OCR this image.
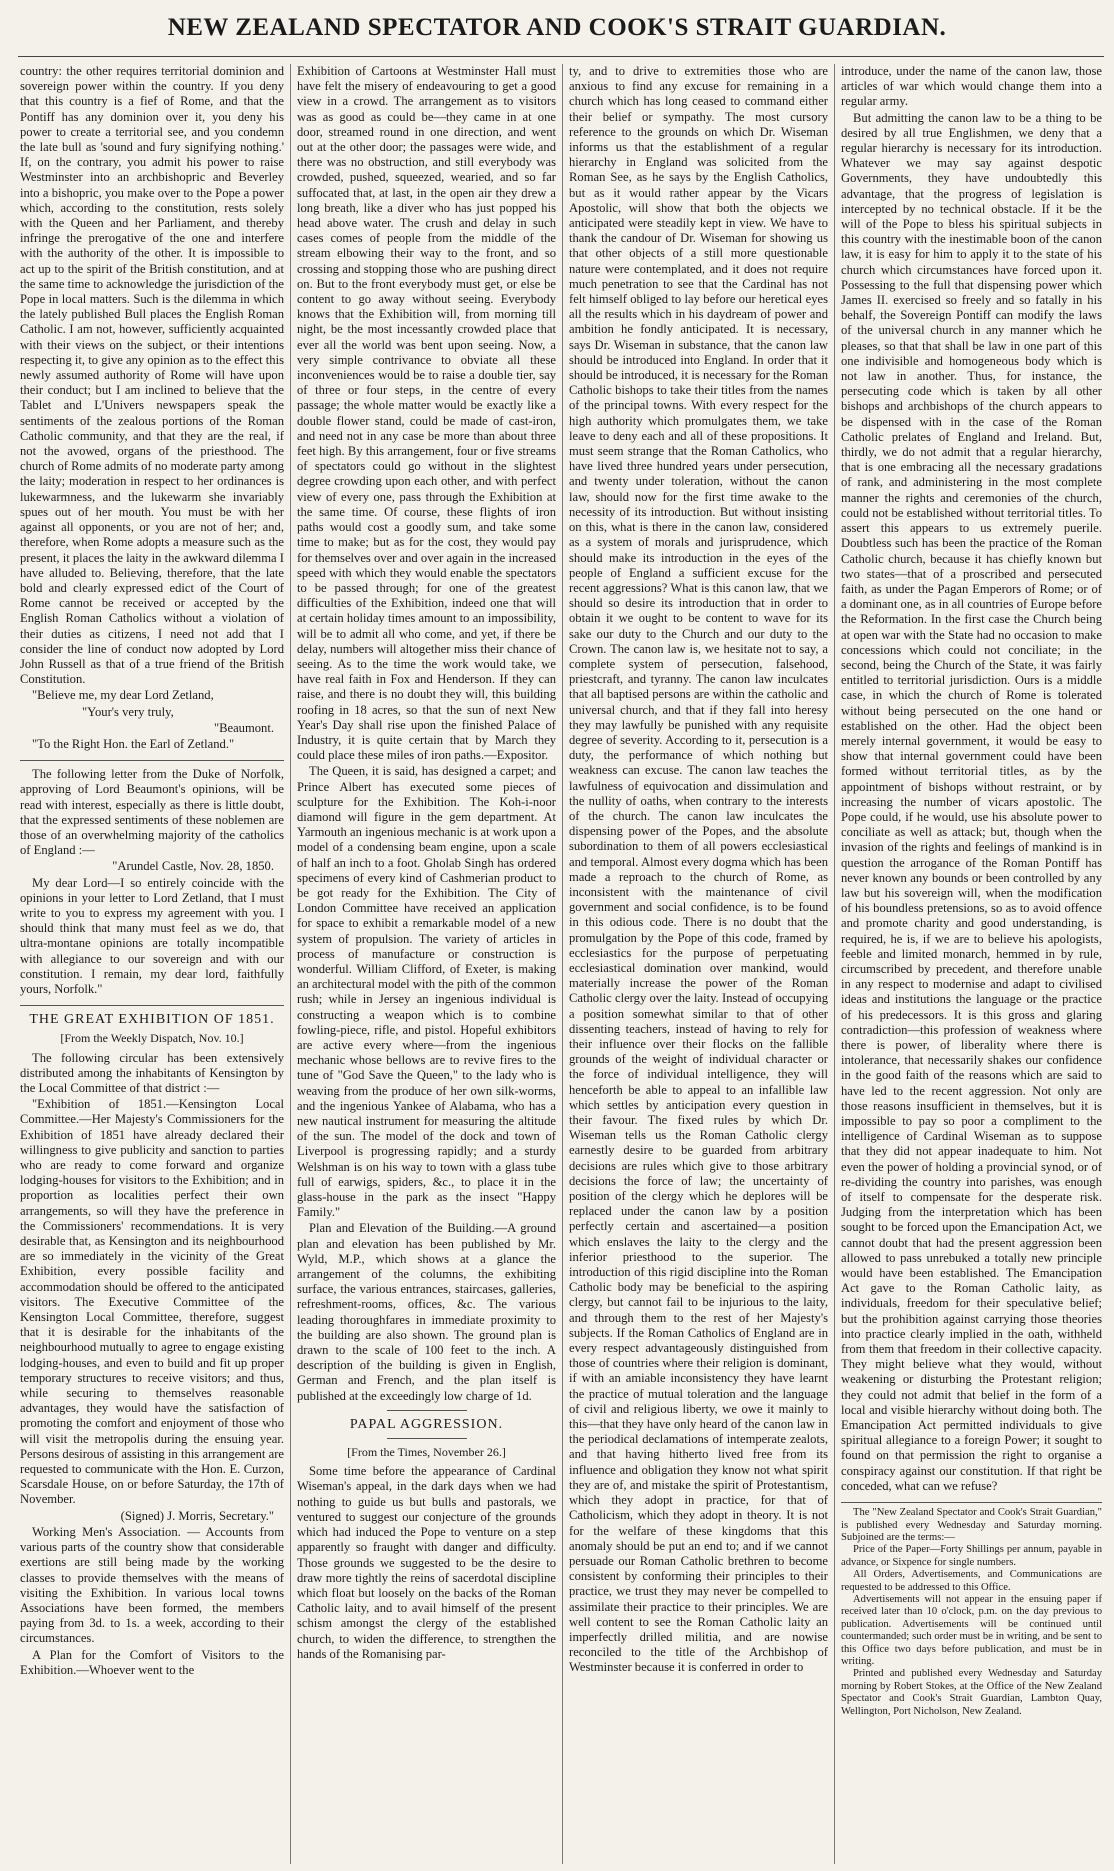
NEW ZEALAND SPECTATOR AND COOK'S STRAIT GUARDIAN.

country: the other requires territorial dominion and sovereign power within the country. If you deny that this country is a fief of Rome, and that the Pontiff has any dominion over it, you deny his power to create a territorial see, and you condemn the late bull as 'sound and fury signifying nothing.' If, on the contrary, you admit his power to raise Westminster into an archbishopric and Beverley into a bishopric, you make over to the Pope a power which, according to the constitution, rests solely with the Queen and her Parliament, and thereby infringe the prerogative of the one and interfere with the authority of the other. It is impossible to act up to the spirit of the British constitution, and at the same time to acknowledge the jurisdiction of the Pope in local matters. Such is the dilemma in which the lately published Bull places the English Roman Catholic. I am not, however, sufficiently acquainted with their views on the subject, or their intentions respecting it, to give any opinion as to the effect this newly assumed authority of Rome will have upon their conduct; but I am inclined to believe that the Tablet and L'Univers newspapers speak the sentiments of the zealous portions of the Roman Catholic community, and that they are the real, if not the avowed, organs of the priesthood. The church of Rome admits of no moderate party among the laity; moderation in respect to her ordinances is lukewarmness, and the lukewarm she invariably spues out of her mouth. You must be with her against all opponents, or you are not of her; and, therefore, when Rome adopts a measure such as the present, it places the laity in the awkward dilemma I have alluded to. Believing, therefore, that the late bold and clearly expressed edict of the Court of Rome cannot be received or accepted by the English Roman Catholics without a violation of their duties as citizens, I need not add that I consider the line of conduct now adopted by Lord John Russell as that of a true friend of the British Constitution.

"Believe me, my dear Lord Zetland,

"Your's very truly,

"Beaumont.

"To the Right Hon. the Earl of Zetland."

The following letter from the Duke of Norfolk, approving of Lord Beaumont's opinions, will be read with interest, especially as there is little doubt, that the expressed sentiments of these noblemen are those of an overwhelming majority of the catholics of England :—

"Arundel Castle, Nov. 28, 1850.

My dear Lord—I so entirely coincide with the opinions in your letter to Lord Zetland, that I must write to you to express my agreement with you. I should think that many must feel as we do, that ultra-montane opinions are totally incompatible with allegiance to our sovereign and with our constitution. I remain, my dear lord, faithfully yours, Norfolk."

THE GREAT EXHIBITION OF 1851.
[From the Weekly Dispatch, Nov. 10.]

The following circular has been extensively distributed among the inhabitants of Kensington by the Local Committee of that district :—

"Exhibition of 1851.—Kensington Local Committee.—Her Majesty's Commissioners for the Exhibition of 1851 have already declared their willingness to give publicity and sanction to parties who are ready to come forward and organize lodging-houses for visitors to the Exhibition; and in proportion as localities perfect their own arrangements, so will they have the preference in the Commissioners' recommendations. It is very desirable that, as Kensington and its neighbourhood are so immediately in the vicinity of the Great Exhibition, every possible facility and accommodation should be offered to the anticipated visitors. The Executive Committee of the Kensington Local Committee, therefore, suggest that it is desirable for the inhabitants of the neighbourhood mutually to agree to engage existing lodging-houses, and even to build and fit up proper temporary structures to receive visitors; and thus, while securing to themselves reasonable advantages, they would have the satisfaction of promoting the comfort and enjoyment of those who will visit the metropolis during the ensuing year. Persons desirous of assisting in this arrangement are requested to communicate with the Hon. E. Curzon, Scarsdale House, on or before Saturday, the 17th of November.

(Signed) J. Morris, Secretary."

Working Men's Association. — Accounts from various parts of the country show that considerable exertions are still being made by the working classes to provide themselves with the means of visiting the Exhibition. In various local towns Associations have been formed, the members paying from 3d. to 1s. a week, according to their circumstances.

A Plan for the Comfort of Visitors to the Exhibition.—Whoever went to the

Exhibition of Cartoons at Westminster Hall must have felt the misery of endeavouring to get a good view in a crowd. The arrangement as to visitors was as good as could be—they came in at one door, streamed round in one direction, and went out at the other door; the passages were wide, and there was no obstruction, and still everybody was crowded, pushed, squeezed, wearied, and so far suffocated that, at last, in the open air they drew a long breath, like a diver who has just popped his head above water. The crush and delay in such cases comes of people from the middle of the stream elbowing their way to the front, and so crossing and stopping those who are pushing direct on. But to the front everybody must get, or else be content to go away without seeing. Everybody knows that the Exhibition will, from morning till night, be the most incessantly crowded place that ever all the world was bent upon seeing. Now, a very simple contrivance to obviate all these inconveniences would be to raise a double tier, say of three or four steps, in the centre of every passage; the whole matter would be exactly like a double flower stand, could be made of cast-iron, and need not in any case be more than about three feet high. By this arrangement, four or five streams of spectators could go without in the slightest degree crowding upon each other, and with perfect view of every one, pass through the Exhibition at the same time. Of course, these flights of iron paths would cost a goodly sum, and take some time to make; but as for the cost, they would pay for themselves over and over again in the increased speed with which they would enable the spectators to be passed through; for one of the greatest difficulties of the Exhibition, indeed one that will at certain holiday times amount to an impossibility, will be to admit all who come, and yet, if there be delay, numbers will altogether miss their chance of seeing. As to the time the work would take, we have real faith in Fox and Henderson. If they can raise, and there is no doubt they will, this building roofing in 18 acres, so that the sun of next New Year's Day shall rise upon the finished Palace of Industry, it is quite certain that by March they could place these miles of iron paths.—Expositor.

The Queen, it is said, has designed a carpet; and Prince Albert has executed some pieces of sculpture for the Exhibition. The Koh-i-noor diamond will figure in the gem department. At Yarmouth an ingenious mechanic is at work upon a model of a condensing beam engine, upon a scale of half an inch to a foot. Gholab Singh has ordered specimens of every kind of Cashmerian product to be got ready for the Exhibition. The City of London Committee have received an application for space to exhibit a remarkable model of a new system of propulsion. The variety of articles in process of manufacture or construction is wonderful. William Clifford, of Exeter, is making an architectural model with the pith of the common rush; while in Jersey an ingenious individual is constructing a weapon which is to combine fowling-piece, rifle, and pistol. Hopeful exhibitors are active every where—from the ingenious mechanic whose bellows are to revive fires to the tune of "God Save the Queen," to the lady who is weaving from the produce of her own silk-worms, and the ingenious Yankee of Alabama, who has a new nautical instrument for measuring the altitude of the sun. The model of the dock and town of Liverpool is progressing rapidly; and a sturdy Welshman is on his way to town with a glass tube full of earwigs, spiders, &c., to place it in the glass-house in the park as the insect "Happy Family."

Plan and Elevation of the Building.—A ground plan and elevation has been published by Mr. Wyld, M.P., which shows at a glance the arrangement of the columns, the exhibiting surface, the various entrances, staircases, galleries, refreshment-rooms, offices, &c. The various leading thoroughfares in immediate proximity to the building are also shown. The ground plan is drawn to the scale of 100 feet to the inch. A description of the building is given in English, German and French, and the plan itself is published at the exceedingly low charge of 1d.

PAPAL AGGRESSION.
[From the Times, November 26.]

Some time before the appearance of Cardinal Wiseman's appeal, in the dark days when we had nothing to guide us but bulls and pastorals, we ventured to suggest our conjecture of the grounds which had induced the Pope to venture on a step apparently so fraught with danger and difficulty. Those grounds we suggested to be the desire to draw more tightly the reins of sacerdotal discipline which float but loosely on the backs of the Roman Catholic laity, and to avail himself of the present schism amongst the clergy of the established church, to widen the difference, to strengthen the hands of the Romanising par-

ty, and to drive to extremities those who are anxious to find any excuse for remaining in a church which has long ceased to command either their belief or sympathy. The most cursory reference to the grounds on which Dr. Wiseman informs us that the establishment of a regular hierarchy in England was solicited from the Roman See, as he says by the English Catholics, but as it would rather appear by the Vicars Apostolic, will show that both the objects we anticipated were steadily kept in view. We have to thank the candour of Dr. Wiseman for showing us that other objects of a still more questionable nature were contemplated, and it does not require much penetration to see that the Cardinal has not felt himself obliged to lay before our heretical eyes all the results which in his daydream of power and ambition he fondly anticipated. It is necessary, says Dr. Wiseman in substance, that the canon law should be introduced into England. In order that it should be introduced, it is necessary for the Roman Catholic bishops to take their titles from the names of the principal towns. With every respect for the high authority which promulgates them, we take leave to deny each and all of these propositions. It must seem strange that the Roman Catholics, who have lived three hundred years under persecution, and twenty under toleration, without the canon law, should now for the first time awake to the necessity of its introduction. But without insisting on this, what is there in the canon law, considered as a system of morals and jurisprudence, which should make its introduction in the eyes of the people of England a sufficient excuse for the recent aggressions? What is this canon law, that we should so desire its introduction that in order to obtain it we ought to be content to wave for its sake our duty to the Church and our duty to the Crown. The canon law is, we hesitate not to say, a complete system of persecution, falsehood, priestcraft, and tyranny. The canon law inculcates that all baptised persons are within the catholic and universal church, and that if they fall into heresy they may lawfully be punished with any requisite degree of severity. According to it, persecution is a duty, the performance of which nothing but weakness can excuse. The canon law teaches the lawfulness of equivocation and dissimulation and the nullity of oaths, when contrary to the interests of the church. The canon law inculcates the dispensing power of the Popes, and the absolute subordination to them of all powers ecclesiastical and temporal. Almost every dogma which has been made a reproach to the church of Rome, as inconsistent with the maintenance of civil government and social confidence, is to be found in this odious code. There is no doubt that the promulgation by the Pope of this code, framed by ecclesiastics for the purpose of perpetuating ecclesiastical domination over mankind, would materially increase the power of the Roman Catholic clergy over the laity. Instead of occupying a position somewhat similar to that of other dissenting teachers, instead of having to rely for their influence over their flocks on the fallible grounds of the weight of individual character or the force of individual intelligence, they will henceforth be able to appeal to an infallible law which settles by anticipation every question in their favour. The fixed rules by which Dr. Wiseman tells us the Roman Catholic clergy earnestly desire to be guarded from arbitrary decisions are rules which give to those arbitrary decisions the force of law; the uncertainty of position of the clergy which he deplores will be replaced under the canon law by a position perfectly certain and ascertained—a position which enslaves the laity to the clergy and the inferior priesthood to the superior. The introduction of this rigid discipline into the Roman Catholic body may be beneficial to the aspiring clergy, but cannot fail to be injurious to the laity, and through them to the rest of her Majesty's subjects. If the Roman Catholics of England are in every respect advantageously distinguished from those of countries where their religion is dominant, if with an amiable inconsistency they have learnt the practice of mutual toleration and the language of civil and religious liberty, we owe it mainly to this—that they have only heard of the canon law in the periodical declamations of intemperate zealots, and that having hitherto lived free from its influence and obligation they know not what spirit they are of, and mistake the spirit of Protestantism, which they adopt in practice, for that of Catholicism, which they adopt in theory. It is not for the welfare of these kingdoms that this anomaly should be put an end to; and if we cannot persuade our Roman Catholic brethren to become consistent by conforming their principles to their practice, we trust they may never be compelled to assimilate their practice to their principles. We are well content to see the Roman Catholic laity an imperfectly drilled militia, and are nowise reconciled to the title of the Archbishop of Westminster because it is conferred in order to

introduce, under the name of the canon law, those articles of war which would change them into a regular army.

But admitting the canon law to be a thing to be desired by all true Englishmen, we deny that a regular hierarchy is necessary for its introduction. Whatever we may say against despotic Governments, they have undoubtedly this advantage, that the progress of legislation is intercepted by no technical obstacle. If it be the will of the Pope to bless his spiritual subjects in this country with the inestimable boon of the canon law, it is easy for him to apply it to the state of his church which circumstances have forced upon it. Possessing to the full that dispensing power which James II. exercised so freely and so fatally in his behalf, the Sovereign Pontiff can modify the laws of the universal church in any manner which he pleases, so that that shall be law in one part of this one indivisible and homogeneous body which is not law in another. Thus, for instance, the persecuting code which is taken by all other bishops and archbishops of the church appears to be dispensed with in the case of the Roman Catholic prelates of England and Ireland. But, thirdly, we do not admit that a regular hierarchy, that is one embracing all the necessary gradations of rank, and administering in the most complete manner the rights and ceremonies of the church, could not be established without territorial titles. To assert this appears to us extremely puerile. Doubtless such has been the practice of the Roman Catholic church, because it has chiefly known but two states—that of a proscribed and persecuted faith, as under the Pagan Emperors of Rome; or of a dominant one, as in all countries of Europe before the Reformation. In the first case the Church being at open war with the State had no occasion to make concessions which could not conciliate; in the second, being the Church of the State, it was fairly entitled to territorial jurisdiction. Ours is a middle case, in which the church of Rome is tolerated without being persecuted on the one hand or established on the other. Had the object been merely internal government, it would be easy to show that internal government could have been formed without territorial titles, as by the appointment of bishops without restraint, or by increasing the number of vicars apostolic. The Pope could, if he would, use his absolute power to conciliate as well as attack; but, though when the invasion of the rights and feelings of mankind is in question the arrogance of the Roman Pontiff has never known any bounds or been controlled by any law but his sovereign will, when the modification of his boundless pretensions, so as to avoid offence and promote charity and good understanding, is required, he is, if we are to believe his apologists, feeble and limited monarch, hemmed in by rule, circumscribed by precedent, and therefore unable in any respect to modernise and adapt to civilised ideas and institutions the language or the practice of his predecessors. It is this gross and glaring contradiction—this profession of weakness where there is power, of liberality where there is intolerance, that necessarily shakes our confidence in the good faith of the reasons which are said to have led to the recent aggression. Not only are those reasons insufficient in themselves, but it is impossible to pay so poor a compliment to the intelligence of Cardinal Wiseman as to suppose that they did not appear inadequate to him. Not even the power of holding a provincial synod, or of re-dividing the country into parishes, was enough of itself to compensate for the desperate risk. Judging from the interpretation which has been sought to be forced upon the Emancipation Act, we cannot doubt that had the present aggression been allowed to pass unrebuked a totally new principle would have been established. The Emancipation Act gave to the Roman Catholic laity, as individuals, freedom for their speculative belief; but the prohibition against carrying those theories into practice clearly implied in the oath, withheld from them that freedom in their collective capacity. They might believe what they would, without weakening or disturbing the Protestant religion; they could not admit that belief in the form of a local and visible hierarchy without doing both. The Emancipation Act permitted individuals to give spiritual allegiance to a foreign Power; it sought to found on that permission the right to organise a conspiracy against our constitution. If that right be conceded, what can we refuse?

The "New Zealand Spectator and Cook's Strait Guardian," is published every Wednesday and Saturday morning. Subjoined are the terms:—

Price of the Paper—Forty Shillings per annum, payable in advance, or Sixpence for single numbers.

All Orders, Advertisements, and Communications are requested to be addressed to this Office.

Advertisements will not appear in the ensuing paper if received later than 10 o'clock, p.m. on the day previous to publication. Advertisements will be continued until countermanded; such order must be in writing, and be sent to this Office two days before publication, and must be in writing.

Printed and published every Wednesday and Saturday morning by Robert Stokes, at the Office of the New Zealand Spectator and Cook's Strait Guardian, Lambton Quay, Wellington, Port Nicholson, New Zealand.
